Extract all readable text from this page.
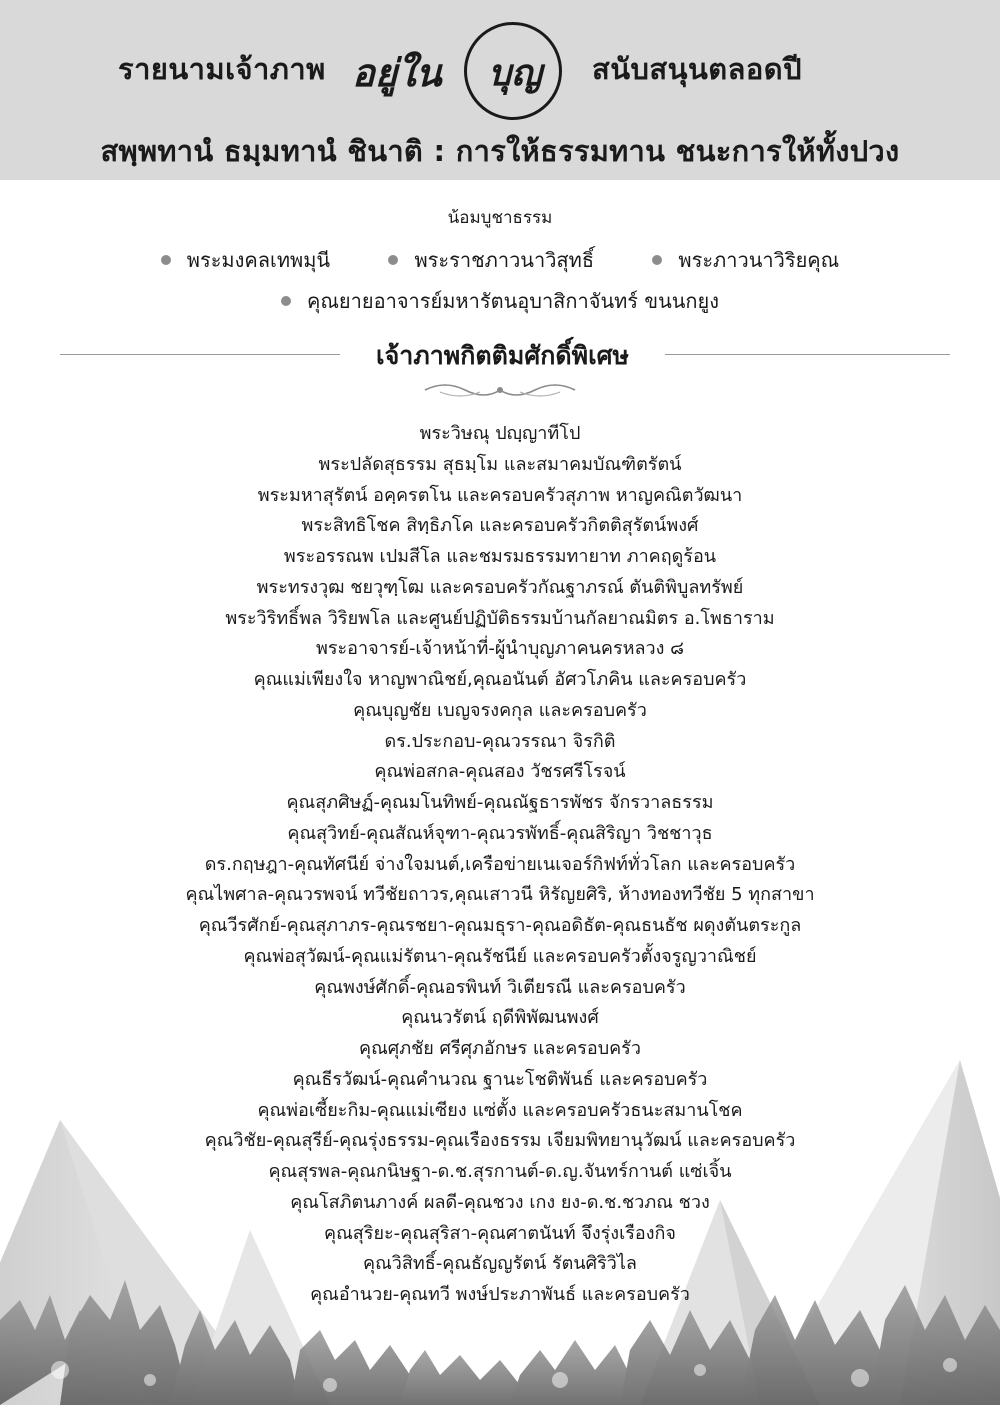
รายนามเจ้าภาพ อยู่ใน	บุญ	สนับสนุนตลอดปี
สพฺพทานํ ธมฺมทานํ ชินาติ : การให้ธรรมทาน ชนะการให้ทั้งปวง
น้อมบูชาธรรม
พระมงคลเทพมุนี	พระราชภาวนาวิสุทธิ์	พระภาวนาวิริยคุณ
คุณยายอาจารย์มหารัตนอุบาสิกาจันทร์ ขนนกยูง
เจ้าภาพกิตติมศักดิ์พิเศษ
พระวิษณุ ปญฺญาทีโป
พระปลัดสุธรรม สุธมฺโม และสมาคมบัณฑิตรัตน์
พระมหาสุรัตน์ อคฺครตโน และครอบครัวสุภาพ หาญคณิตวัฒนา
พระสิทธิโชค สิทฺธิภโค และครอบครัวกิตติสุรัตน์พงศ์
พระอรรณพ เปมสีโล และชมรมธรรมทายาท ภาคฤดูร้อน
พระทรงวุฒ ชยวุฑฺโฒ และครอบครัวกัณฐาภรณ์ ตันติพิบูลทรัพย์
พระวิริทธิ์พล วิริยพโล และศูนย์ปฏิบัติธรรมบ้านกัลยาณมิตร อ.โพธาราม
พระอาจารย์-เจ้าหน้าที่-ผู้นำบุญภาคนครหลวง ๘
คุณแม่เพียงใจ หาญพาณิชย์,คุณอนันต์ อัศวโภคิน และครอบครัว
คุณบุญชัย เบญจรงคกุล และครอบครัว
ดร.ประกอบ-คุณวรรณา จิรกิติ
คุณพ่อสกล-คุณสอง วัชรศรีโรจน์
คุณสุภศิษฏ์-คุณมโนทิพย์-คุณณัฐธารพัชร จักรวาลธรรม
คุณสุวิทย์-คุณสัณห์จุฑา-คุณวรพัทธิ์-คุณสิริญา วิชชาวุธ
ดร.กฤษฎา-คุณทัศนีย์ จ่างใจมนต์,เครือข่ายเนเจอร์กิฟท์ทั่วโลก และครอบครัว
คุณไพศาล-คุณวรพจน์ ทวีชัยถาวร,คุณเสาวนี หิรัญยศิริ, ห้างทองทวีชัย 5 ทุกสาขา
คุณวีรศักย์-คุณสุภาภร-คุณรชยา-คุณมธุรา-คุณอดิธัต-คุณธนธัช ผดุงตันตระกูล
คุณพ่อสุวัฒน์-คุณแม่รัตนา-คุณรัชนีย์ และครอบครัวตั้งจรูญวาณิชย์
คุณพงษ์ศักดิ์-คุณอรพินท์ วิเตียรณี และครอบครัว
คุณนวรัตน์ ฤดีพิพัฒนพงศ์
คุณศุภชัย ศรีศุภอักษร และครอบครัว
คุณธีรวัฒน์-คุณคำนวณ ฐานะโชติพันธ์ และครอบครัว
คุณพ่อเซี้ยะกิม-คุณแม่เซียง แซ่ตั้ง และครอบครัวธนะสมานโชค
คุณวิชัย-คุณสุรีย์-คุณรุ่งธรรม-คุณเรืองธรรม เจียมพิทยานุวัฒน์ และครอบครัว
คุณสุรพล-คุณกนิษฐา-ด.ช.สุรกานต์-ด.ญ.จันทร์กานต์ แซ่เจิ้น
คุณโสภิตนภางค์ ผลดี-คุณชวง เกง ยง-ด.ช.ชวภณ ชวง
คุณสุริยะ-คุณสุริสา-คุณศาตนันท์ จึงรุ่งเรืองกิจ
คุณวิสิทธิ์-คุณธัญญรัตน์ รัตนศิริวิไล
คุณอำนวย-คุณทวี พงษ์ประภาพันธ์ และครอบครัว
